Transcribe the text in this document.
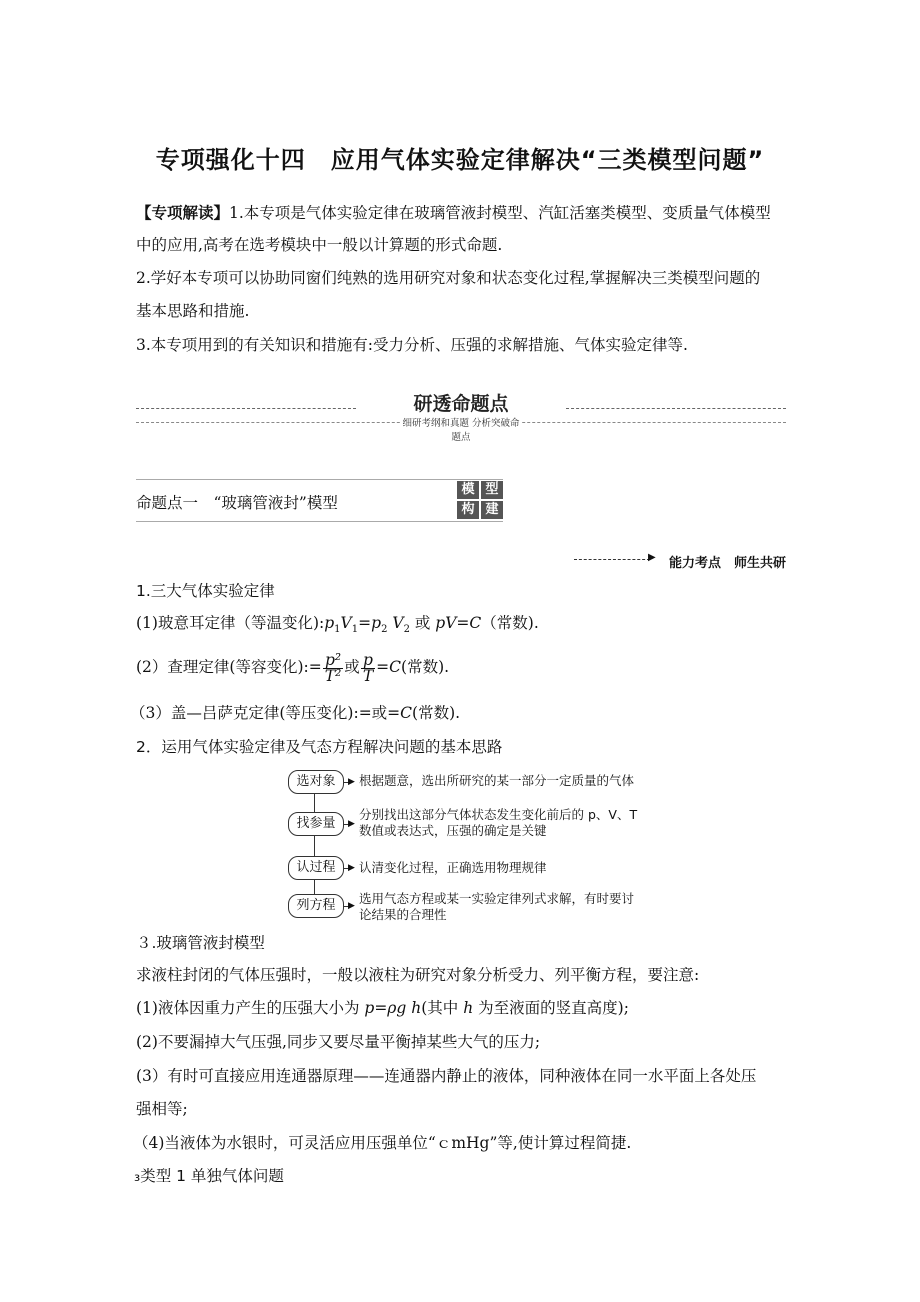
专项强化十四　应用气体实验定律解决“三类模型问题”
【专项解读】1.本专项是气体实验定律在玻璃管液封模型、汽缸活塞类模型、变质量气体模型
中的应用,高考在选考模块中一般以计算题的形式命题.
2.学好本专项可以协助同窗们纯熟的选用研究对象和状态变化过程,掌握解决三类模型问题的
基本思路和措施.
3.本专项用到的有关知识和措施有:受力分析、压强的求解措施、气体实验定律等.
研透命题点
细研考纲和真题 分析突破命题点
命题点一　“玻璃管液封”模型
模 型
构 建
▶ 能力考点　师生共研
1.三大气体实验定律
(1)玻意耳定律（等温变化)$:p_1V_1=p_2$ $V_2$ 或 pV=C（常数).
(2）查理定律(等容变化):= $\frac{\text{p²}}{\text{T²}}$ 或 $\frac{p}{T} =C$(常数).
（3）盖—吕萨克定律(等压变化):=或=C(常数).
2．运用气体实验定律及气态方程解决问题的基本思路
▶
▶
▶
▶
选对象
找参量
认过程
列方程
根据题意，选出所研究的某一部分一定质量的气体
分别找出这部分气体状态发生变化前后的 p、V、T
数值或表达式，压强的确定是关键
认清变化过程，正确选用物理规律
选用气态方程或某一实验定律列式求解，有时要讨
论结果的合理性
３.玻璃管液封模型
求液柱封闭的气体压强时，一般以液柱为研究对象分析受力、列平衡方程，要注意:
(1)液体因重力产生的压强大小为 p=ρg h(其中 h 为至液面的竖直高度);
(2)不要漏掉大气压强,同步又要尽量平衡掉某些大气的压力;
(3）有时可直接应用连通器原理——连通器内静止的液体，同种液体在同一水平面上各处压
强相等;
（4)当液体为水银时，可灵活应用压强单位“ｃmHg”等,使计算过程简捷.
₃类型 1 单独气体问题
